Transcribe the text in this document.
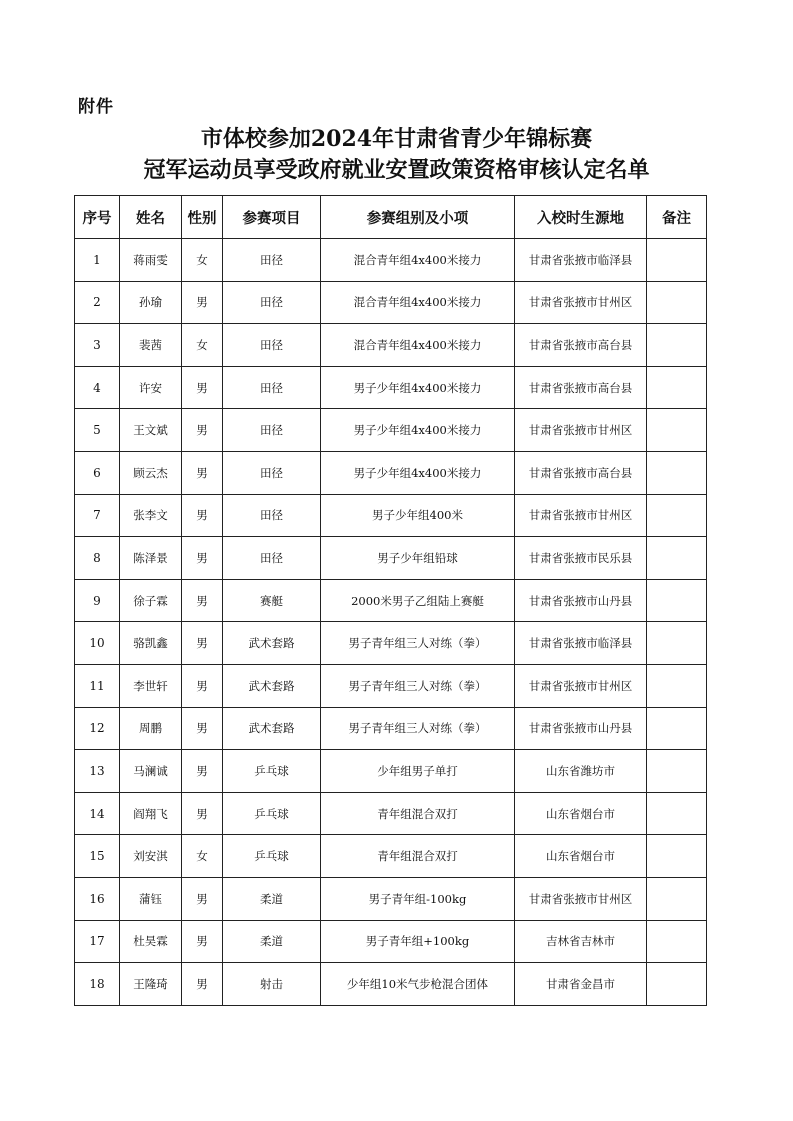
附件
市体校参加2024年甘肃省青少年锦标赛
冠军运动员享受政府就业安置政策资格审核认定名单
序号	姓名	性别	参赛项目	参赛组别及小项	入校时生源地	备注
1	蒋雨雯	女	田径	混合青年组4x400米接力	甘肃省张掖市临泽县	
2	孙瑜	男	田径	混合青年组4x400米接力	甘肃省张掖市甘州区	
3	裴茜	女	田径	混合青年组4x400米接力	甘肃省张掖市高台县	
4	许安	男	田径	男子少年组4x400米接力	甘肃省张掖市高台县	
5	王文斌	男	田径	男子少年组4x400米接力	甘肃省张掖市甘州区	
6	顾云杰	男	田径	男子少年组4x400米接力	甘肃省张掖市高台县	
7	张李文	男	田径	男子少年组400米	甘肃省张掖市甘州区	
8	陈泽景	男	田径	男子少年组铅球	甘肃省张掖市民乐县	
9	徐子霖	男	赛艇	2000米男子乙组陆上赛艇	甘肃省张掖市山丹县	
10	骆凯鑫	男	武术套路	男子青年组三人对练（拳）	甘肃省张掖市临泽县	
11	李世轩	男	武术套路	男子青年组三人对练（拳）	甘肃省张掖市甘州区	
12	周鹏	男	武术套路	男子青年组三人对练（拳）	甘肃省张掖市山丹县	
13	马澜诚	男	乒乓球	少年组男子单打	山东省潍坊市	
14	阎翔飞	男	乒乓球	青年组混合双打	山东省烟台市	
15	刘安淇	女	乒乓球	青年组混合双打	山东省烟台市	
16	蒲钰	男	柔道	男子青年组-100kg	甘肃省张掖市甘州区	
17	杜昊霖	男	柔道	男子青年组+100kg	吉林省吉林市	
18	王隆琦	男	射击	少年组10米气步枪混合团体	甘肃省金昌市	
